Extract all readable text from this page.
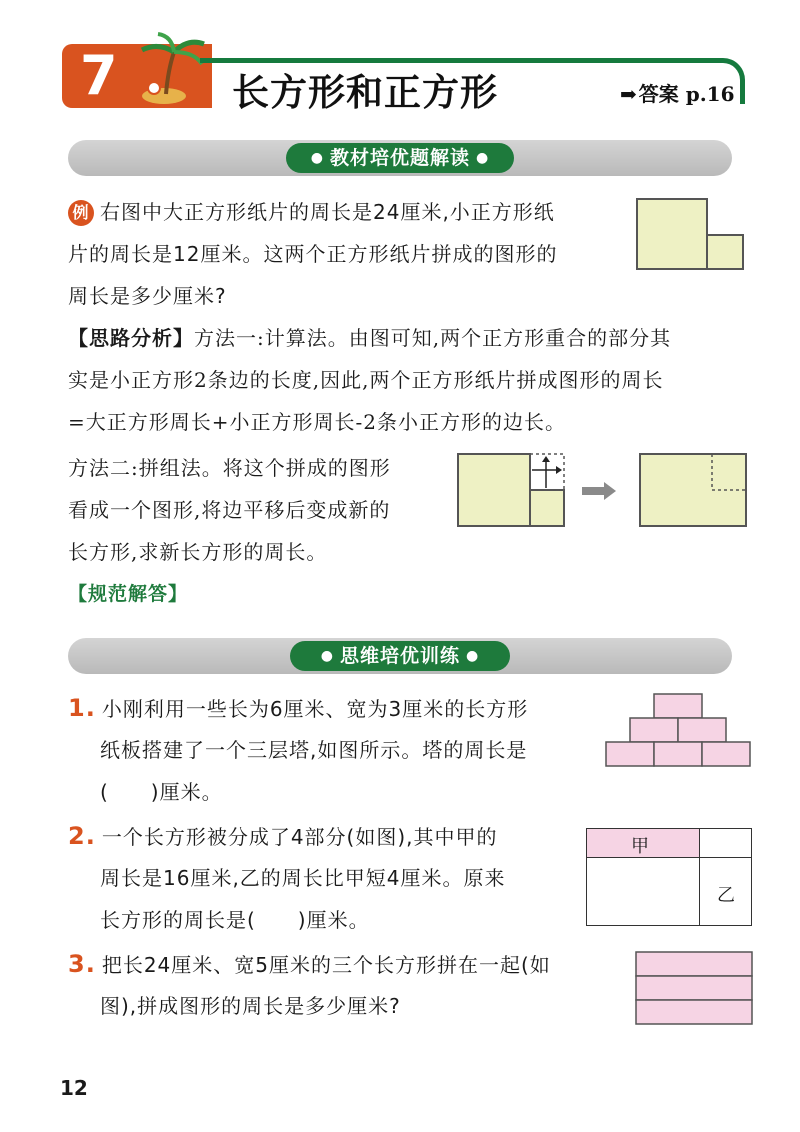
7	长方形和正方形	➡ 答案 p.16
● 教材培优题解读 ●
例 右图中大正方形纸片的周长是24厘米,小正方形纸
片的周长是12厘米。这两个正方形纸片拼成的图形的
周长是多少厘米?
【思路分析】方法一:计算法。由图可知,两个正方形重合的部分其
实是小正方形2条边的长度,因此,两个正方形纸片拼成图形的周长
=大正方形周长+小正方形周长-2条小正方形的边长。
方法二:拼组法。将这个拼成的图形
看成一个图形,将边平移后变成新的
长方形,求新长方形的周长。
【规范解答】
● 思维培优训练 ●
1. 小刚利用一些长为6厘米、宽为3厘米的长方形
纸板搭建了一个三层塔,如图所示。塔的周长是
(　　)厘米。
2. 一个长方形被分成了4部分(如图),其中甲的
周长是16厘米,乙的周长比甲短4厘米。原来
长方形的周长是(　　)厘米。
甲
乙
3. 把长24厘米、宽5厘米的三个长方形拼在一起(如
图),拼成图形的周长是多少厘米?
12
